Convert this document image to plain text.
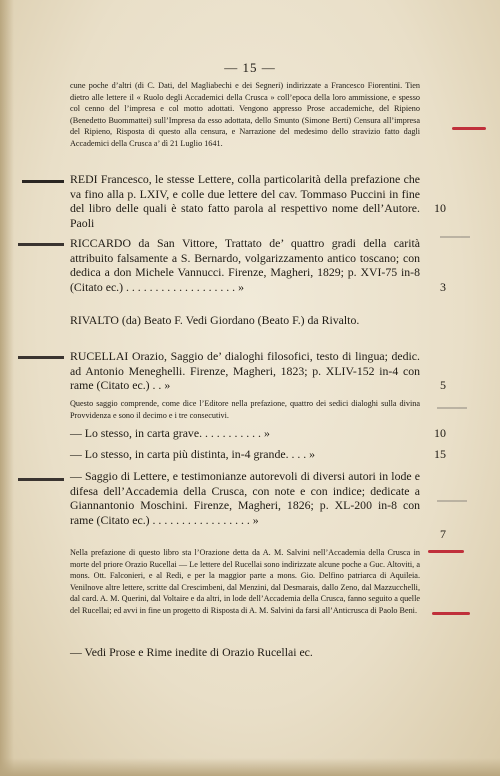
— 15 —
cune poche d’altri (di C. Dati, del Magliabechi e dei Segneri) indirizzate a Francesco Fiorentini. Tien dietro alle lettere il « Ruolo degli Accademici della Crusca » coll’epoca della loro ammissione, e spesso col cenno del l’impresa e col motto adottati. Vengono appresso Prose accademiche, del Ripieno (Benedetto Buommattei) sull’Impresa da esso adottata, dello Smunto (Simone Berti) Censura all’impresa del Ripieno, Risposta di questo alla censura, e Narrazione del medesimo dello stravizio fatto dagli Accademici della Crusca a’ dì 21 Luglio 1641.
10
REDI Francesco, le stesse Lettere, colla particolarità della prefazione che va fino alla p. LXIV, e colle due lettere del cav. Tommaso Puccini in fine del libro delle quali è stato fatto parola al respettivo nome dell’Autore. Paoli
3
RICCARDO da San Vittore, Trattato de’ quattro gradi della carità attribuito falsamente a S. Bernardo, volgarizzamento antico toscano; con dedica a don Michele Vannucci. Firenze, Magheri, 1829; p. XVI-75 in-8 (Citato ec.) . . . . . . . . . . . . . . . . . . . »
RIVALTO (da) Beato F. Vedi Giordano (Beato F.) da Rivalto.
5
RUCELLAI Orazio, Saggio de’ dialoghi filosofici, testo di lingua; dedic. ad Antonio Meneghelli. Firenze, Magheri, 1823; p. XLIV-152 in-4 con rame (Citato ec.) . . »
Questo saggio comprende, come dice l’Editore nella prefazione, quattro dei sedici dialoghi sulla divina Provvidenza e sono il decimo e i tre consecutivi.
10
— Lo stesso, in carta grave. . . . . . . . . . . »
15
— Lo stesso, in carta più distinta, in-4 grande. . . . »
7
— Saggio di Lettere, e testimonianze autorevoli di diversi autori in lode e difesa dell’Accademia della Crusca, con note e con indice; dedicate a Giannantonio Moschini. Firenze, Magheri, 1826; p. XL-200 in-8 con rame (Citato ec.) . . . . . . . . . . . . . . . . . »
Nella prefazione di questo libro sta l’Orazione detta da A. M. Salvini nell’Accademia della Crusca in morte del priore Orazio Rucellai — Le lettere del Rucellai sono indirizzate alcune poche a Guc. Altoviti, a mons. Ott. Falconieri, e al Redi, e per la maggior parte a mons. Gio. Delfino patriarca di Aquileia. Venilnove altre lettere, scritte dal Crescimbeni, dal Menzini, dal Desmarais, dallo Zeno, dal Mazzucchelli, dal card. A. M. Querini, dal Voltaire e da altri, in lode dell’Accademia della Crusca, fanno seguito a quelle del Rucellai; ed avvi in fine un progetto di Risposta di A. M. Salvini da farsi all’Anticrusca di Paolo Beni.
— Vedi Prose e Rime inedite di Orazio Rucellai ec.
